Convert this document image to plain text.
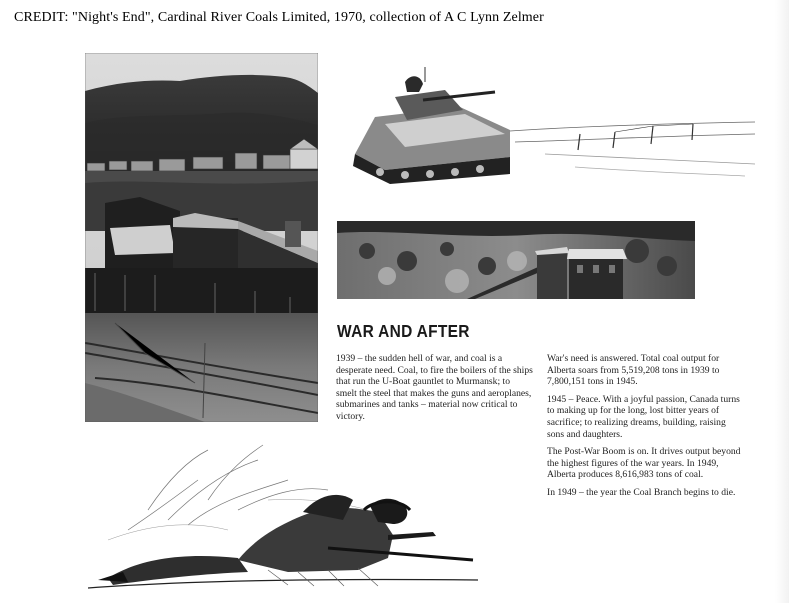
CREDIT: "Night's End", Cardinal River Coals Limited, 1970, collection of A C Lynn Zelmer
WAR AND AFTER

1939 – the sudden hell of war, and coal is a desperate need. Coal, to fire the boilers of the ships that run the U-Boat gauntlet to Murmansk; to smelt the steel that makes the guns and aeroplanes, submarines and tanks – material now critical to victory.

War's need is answered. Total coal output for Alberta soars from 5,519,208 tons in 1939 to 7,800,151 tons in 1945.

1945 – Peace. With a joyful passion, Canada turns to making up for the long, lost bitter years of sacrifice; to realizing dreams, building, raising sons and daughters.

The Post-War Boom is on. It drives output beyond the highest figures of the war years. In 1949, Alberta produces 8,616,983 tons of coal.

In 1949 – the year the Coal Branch begins to die.
